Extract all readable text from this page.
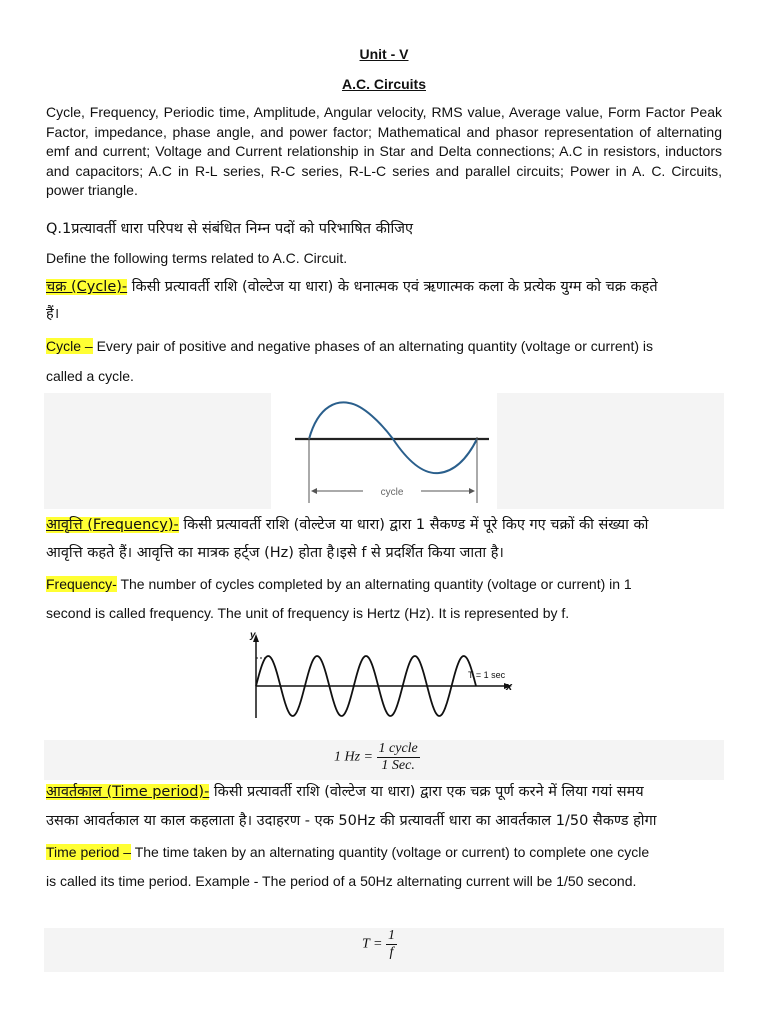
Unit - V
A.C. Circuits
Cycle, Frequency, Periodic time, Amplitude, Angular velocity, RMS value, Average value, Form Factor Peak Factor, impedance, phase angle, and power factor; Mathematical and phasor representation of alternating emf and current; Voltage and Current relationship in Star and Delta connections; A.C in resistors, inductors and capacitors; A.C in R-L series, R-C series, R-L-C series and parallel circuits; Power in A. C. Circuits, power triangle.
Q.1प्रत्यावर्ती धारा परिपथ से संबंधित निम्न पदों को परिभाषित कीजिए
Define the following terms related to A.C. Circuit.
चक्र (Cycle)- किसी प्रत्यावर्ती राशि (वोल्टेज या धारा) के धनात्मक एवं ऋणात्मक कला के प्रत्येक युग्म को चक्र कहते
हैं।
Cycle – Every pair of positive and negative phases of an alternating quantity (voltage or current) is
called a cycle.
cycle
आवृत्ति (Frequency)- किसी प्रत्यावर्ती राशि (वोल्टेज या धारा) द्वारा 1 सैकण्ड में पूरे किए गए चक्रों की संख्या को
आवृत्ति कहते हैं। आवृत्ति का मात्रक हर्ट्ज (Hz) होता है।इसे f से प्रदर्शित किया जाता है।
Frequency- The number of cycles completed by an alternating quantity (voltage or current) in 1
second is called frequency. The unit of frequency is Hertz (Hz). It is represented by f.
y
x
T = 1 sec
1 $Hz = \frac{\text{1 cycle}}{\text{1 Sec.}}$
आवर्तकाल (Time period)- किसी प्रत्यावर्ती राशि (वोल्टेज या धारा) द्वारा एक चक्र पूर्ण करने में लिया गयां समय
उसका आवर्तकाल या काल कहलाता है। उदाहरण - एक 50Hz की प्रत्यावर्ती धारा का आवर्तकाल 1/50 सैकण्ड होगा
Time period – The time taken by an alternating quantity (voltage or current) to complete one cycle
is called its time period. Example - The period of a 50Hz alternating current will be 1/50 second.
$T = \frac{1}{f}$
